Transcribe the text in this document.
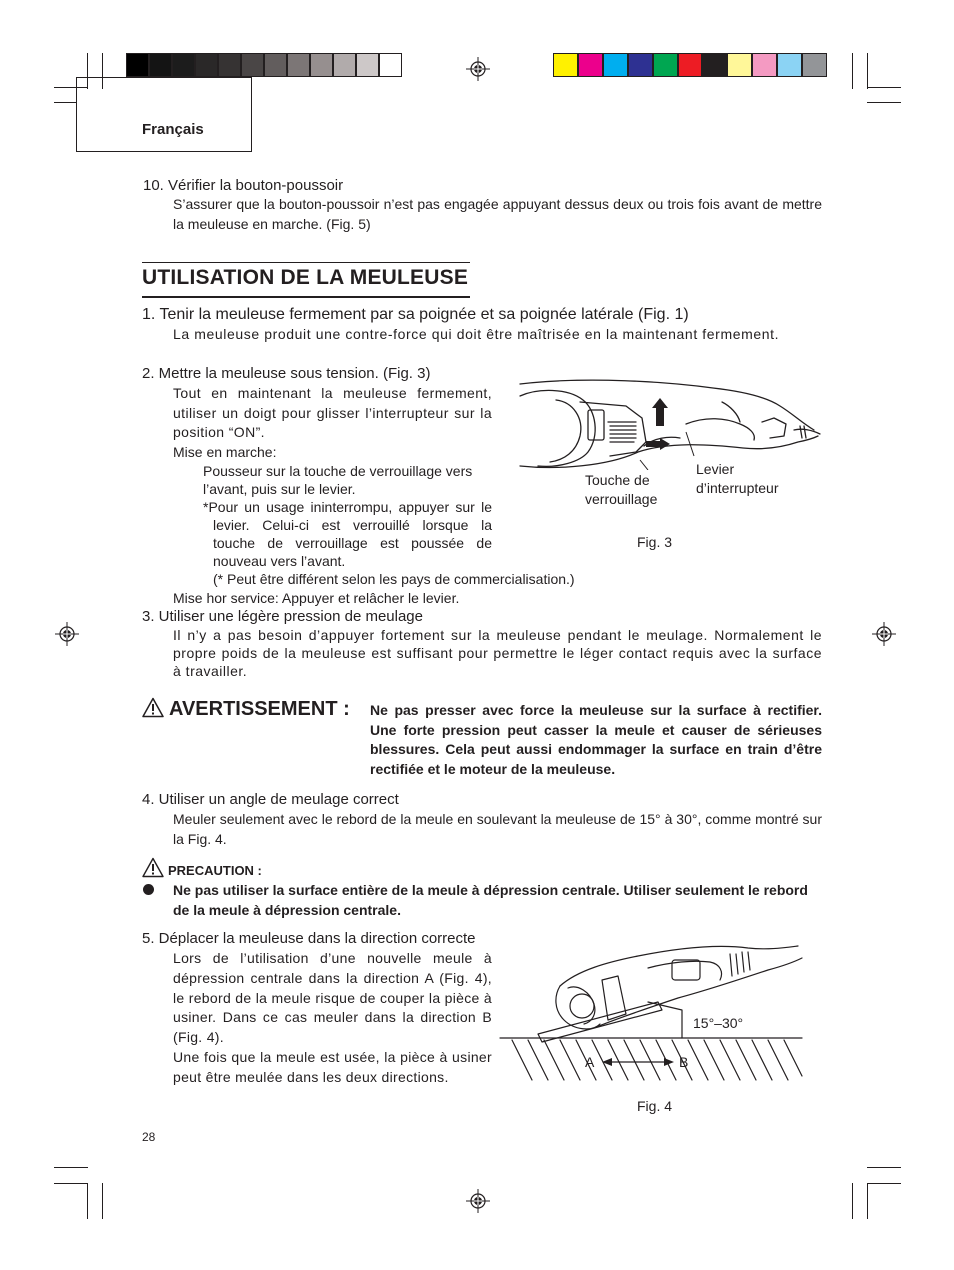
Français
10. Vérifier la bouton-poussoir
S’assurer que la bouton-poussoir n’est pas engagée appuyant dessus deux ou trois fois avant de mettre la meuleuse en marche. (Fig. 5)
UTILISATION DE LA MEULEUSE
1. Tenir la meuleuse fermement par sa poignée et sa poignée latérale (Fig. 1)
La meuleuse produit une contre-force qui doit être maîtrisée en la maintenant fermement.
2. Mettre la meuleuse sous tension. (Fig. 3)
Tout en maintenant la meuleuse fermement, utiliser un doigt pour glisser l’interrupteur sur la position “ON”.
Mise en marche:
Pousseur sur la touche de verrouillage vers l’avant, puis sur le levier.
*Pour un usage ininterrompu, appuyer sur le levier. Celui-ci est verrouillé lorsque la touche de verrouillage est poussée de nouveau vers l’avant.
(* Peut être différent selon les pays de commercialisation.)
Mise hor service: Appuyer et relâcher le levier.
Touche de verrouillage
Levier d’interrupteur
Fig. 3
3. Utiliser une légère pression de meulage
Il n’y a pas besoin d’appuyer fortement sur la meuleuse pendant le meulage. Normalement le propre poids de la meuleuse est suffisant pour permettre le léger contact requis avec la surface à travailler.
AVERTISSEMENT : Ne pas presser avec force la meuleuse sur la surface à rectifier. Une forte pression peut casser la meule et causer de sérieuses blessures. Cela peut aussi endommager la surface en train d’être rectifiée et le moteur de la meuleuse.
4. Utiliser un angle de meulage correct
Meuler seulement avec le rebord de la meule en soulevant la meuleuse de 15° à 30°, comme montré sur la Fig. 4.
PRECAUTION :
Ne pas utiliser la surface entière de la meule à dépression centrale. Utiliser seulement le rebord de la meule à dépression centrale.
5. Déplacer la meuleuse dans la direction correcte
Lors de l’utilisation d’une nouvelle meule à dépression centrale dans la direction A (Fig. 4), le rebord de la meule risque de couper la pièce à usiner. Dans ce cas meuler dans la direction B (Fig. 4).
Une fois que la meule est usée, la pièce à usiner peut être meulée dans les deux directions.
15°–30°
A	B
Fig. 4
28
